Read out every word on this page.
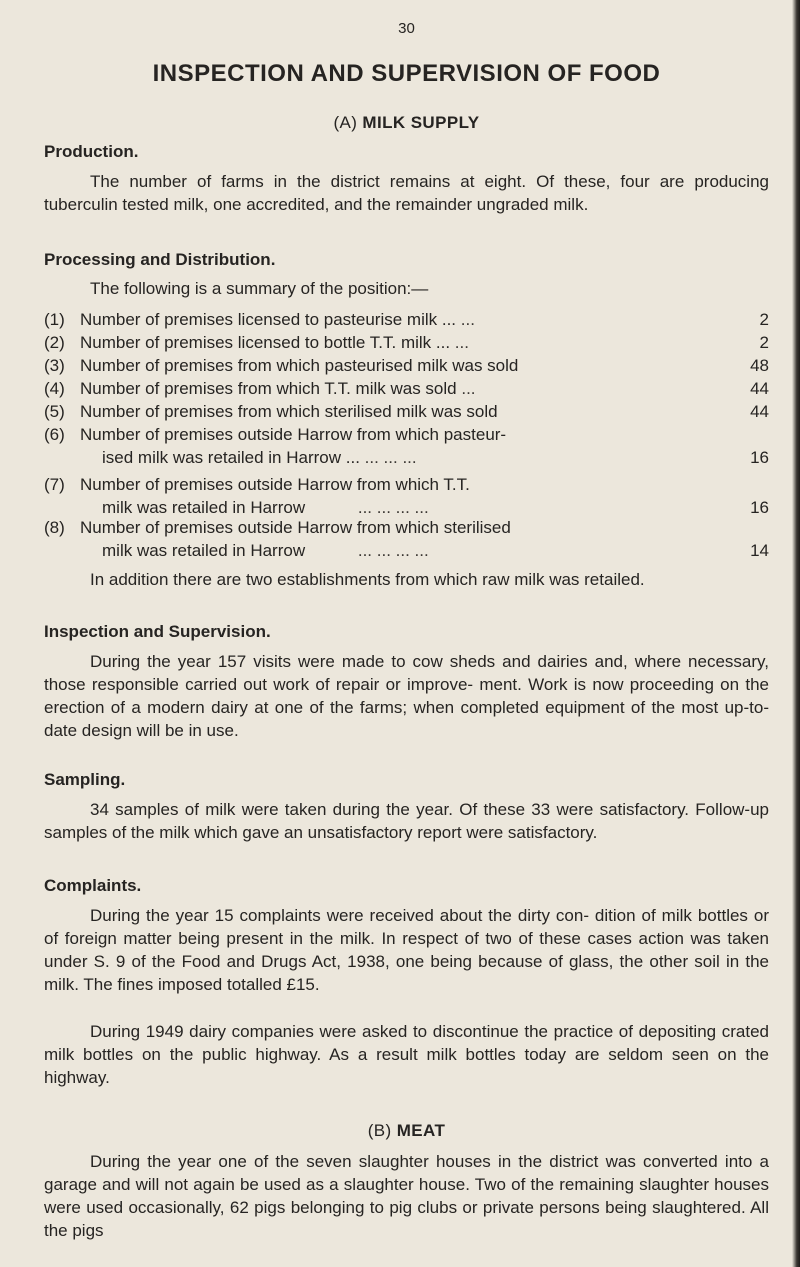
30
INSPECTION AND SUPERVISION OF FOOD
(A) MILK SUPPLY
Production.
The number of farms in the district remains at eight. Of these, four are producing tuberculin tested milk, one accredited, and the remainder ungraded milk.
Processing and Distribution.
The following is a summary of the position:—
(1) Number of premises licensed to pasteurise milk ... ...	2
(2) Number of premises licensed to bottle T.T. milk ... ...	2
(3) Number of premises from which pasteurised milk was sold	48
(4) Number of premises from which T.T. milk was sold ...	44
(5) Number of premises from which sterilised milk was sold	44
(6) Number of premises outside Harrow from which pasteur-
ised milk was retailed in Harrow ... ... ... ...	16
(7) Number of premises outside Harrow from which T.T.
milk was retailed in Harrow	... ... ... ...	16
(8) Number of premises outside Harrow from which sterilised
milk was retailed in Harrow	... ... ... ...	14
In addition there are two establishments from which raw milk was retailed.
Inspection and Supervision.
During the year 157 visits were made to cow sheds and dairies and, where necessary, those responsible carried out work of repair or improve- ment. Work is now proceeding on the erection of a modern dairy at one of the farms; when completed equipment of the most up-to-date design will be in use.
Sampling.
34 samples of milk were taken during the year. Of these 33 were satisfactory. Follow-up samples of the milk which gave an unsatisfactory report were satisfactory.
Complaints.
During the year 15 complaints were received about the dirty con- dition of milk bottles or of foreign matter being present in the milk. In respect of two of these cases action was taken under S. 9 of the Food and Drugs Act, 1938, one being because of glass, the other soil in the milk. The fines imposed totalled £15.
During 1949 dairy companies were asked to discontinue the practice of depositing crated milk bottles on the public highway. As a result milk bottles today are seldom seen on the highway.
(B) MEAT
During the year one of the seven slaughter houses in the district was converted into a garage and will not again be used as a slaughter house. Two of the remaining slaughter houses were used occasionally, 62 pigs belonging to pig clubs or private persons being slaughtered. All the pigs
